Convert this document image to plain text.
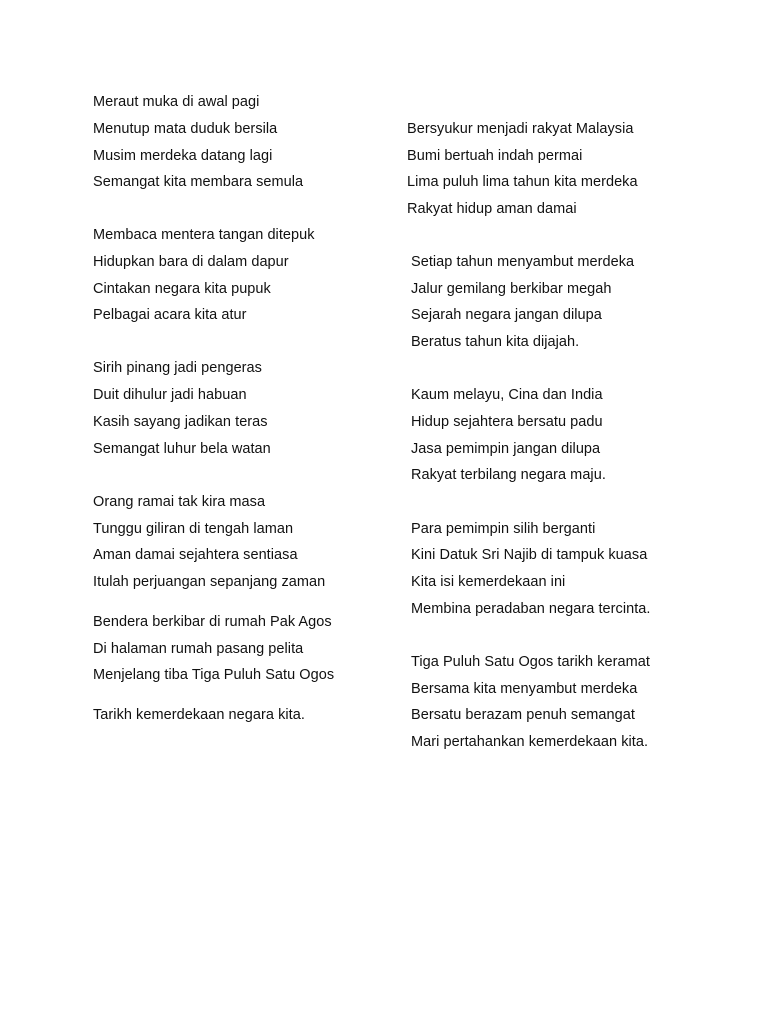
Meraut muka di awal pagi
Menutup mata duduk bersila
Musim merdeka datang lagi
Semangat kita membara semula
Membaca mentera tangan ditepuk
Hidupkan bara di dalam dapur
Cintakan negara kita pupuk
Pelbagai acara kita atur
Sirih pinang jadi pengeras
Duit dihulur jadi habuan
Kasih sayang jadikan teras
Semangat luhur bela watan
Orang ramai tak kira masa
Tunggu giliran di tengah laman
Aman damai sejahtera sentiasa
Itulah perjuangan sepanjang zaman
Bendera berkibar di rumah Pak Agos
Di halaman rumah pasang pelita
Menjelang tiba Tiga Puluh Satu Ogos
Tarikh kemerdekaan negara kita.
Bersyukur menjadi rakyat Malaysia
Bumi bertuah indah permai
Lima puluh lima tahun kita merdeka
Rakyat hidup aman damai
Setiap tahun menyambut merdeka
Jalur gemilang berkibar megah
Sejarah negara jangan dilupa
Beratus tahun kita dijajah.
Kaum melayu, Cina dan India
Hidup sejahtera bersatu padu
Jasa pemimpin jangan dilupa
Rakyat terbilang negara maju.
Para pemimpin silih berganti
Kini Datuk Sri Najib di tampuk kuasa
Kita isi kemerdekaan ini
Membina peradaban negara tercinta.
Tiga Puluh Satu Ogos tarikh keramat
Bersama kita menyambut merdeka
Bersatu berazam penuh semangat
Mari pertahankan kemerdekaan kita.
